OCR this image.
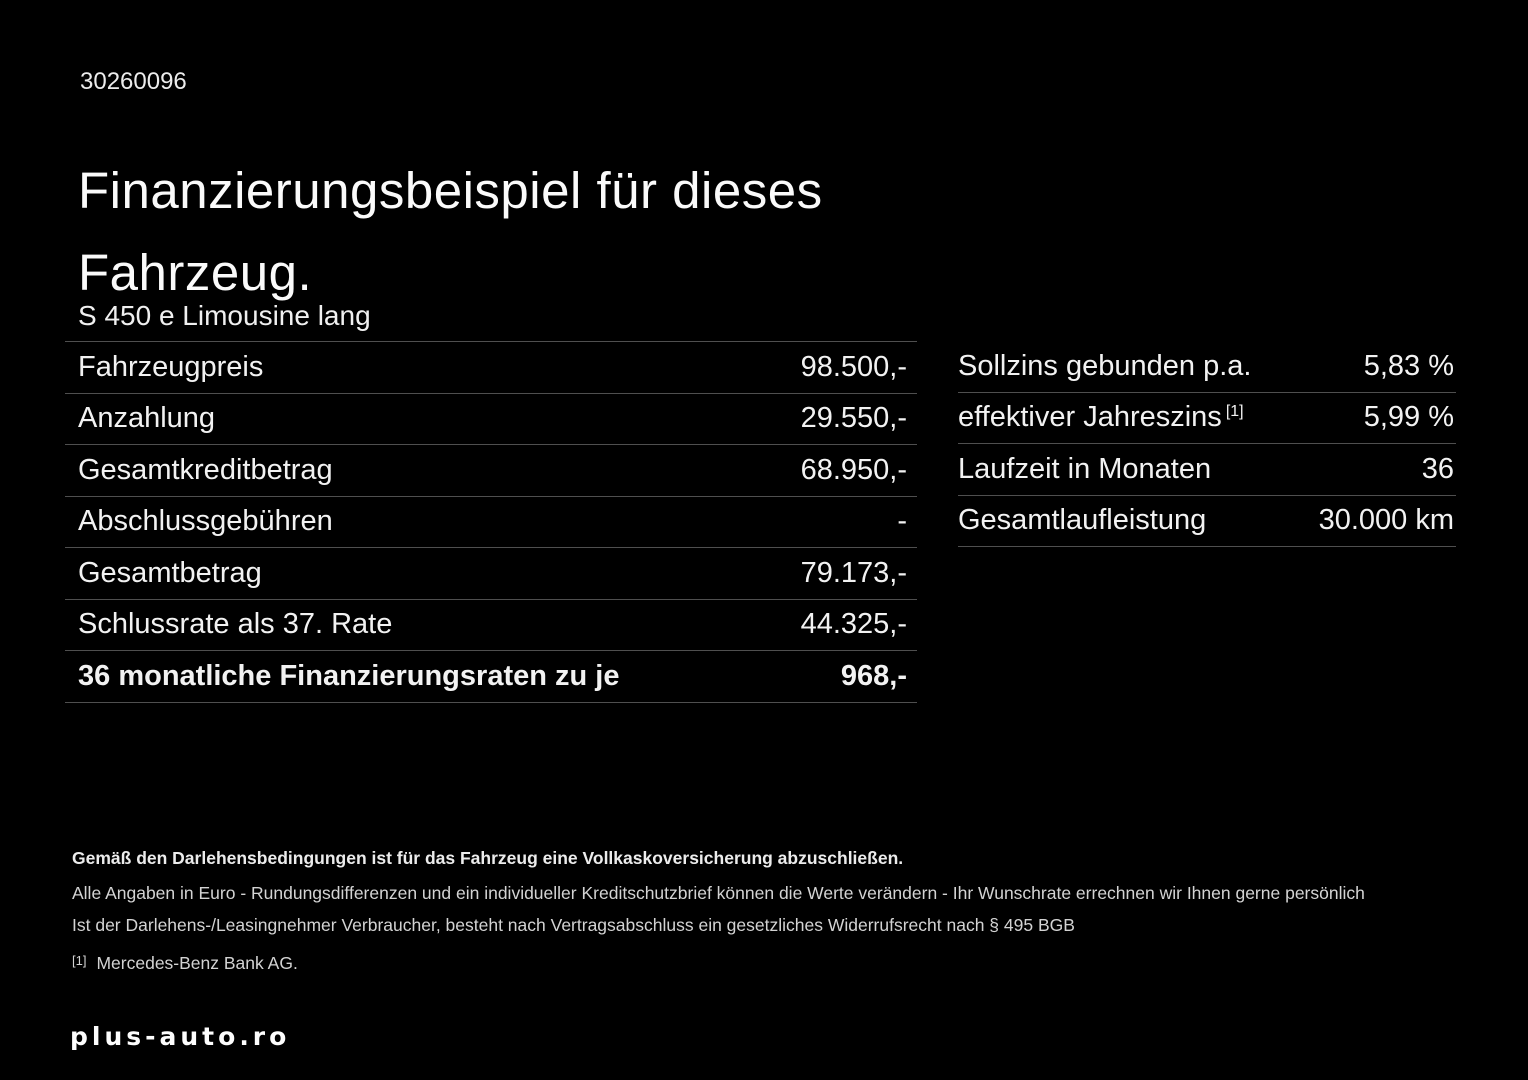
30260096
Finanzierungsbeispiel für dieses Fahrzeug.
S 450 e Limousine lang
Fahrzeugpreis	98.500,-
Anzahlung	29.550,-
Gesamtkreditbetrag	68.950,-
Abschlussgebühren	-
Gesamtbetrag	79.173,-
Schlussrate als 37. Rate	44.325,-
36 monatliche Finanzierungsraten zu je	968,-
Sollzins gebunden p.a.	5,83 %
effektiver Jahreszins [1]	5,99 %
Laufzeit in Monaten	36
Gesamtlaufleistung	30.000 km
Gemäß den Darlehensbedingungen ist für das Fahrzeug eine Vollkaskoversicherung abzuschließen.
Alle Angaben in Euro - Rundungsdifferenzen und ein individueller Kreditschutzbrief können die Werte verändern - Ihr Wunschrate errechnen wir Ihnen gerne persönlich
Ist der Darlehens-/Leasingnehmer Verbraucher, besteht nach Vertragsabschluss ein gesetzliches Widerrufsrecht nach § 495 BGB
[1] Mercedes-Benz Bank AG.
plus-auto.ro
